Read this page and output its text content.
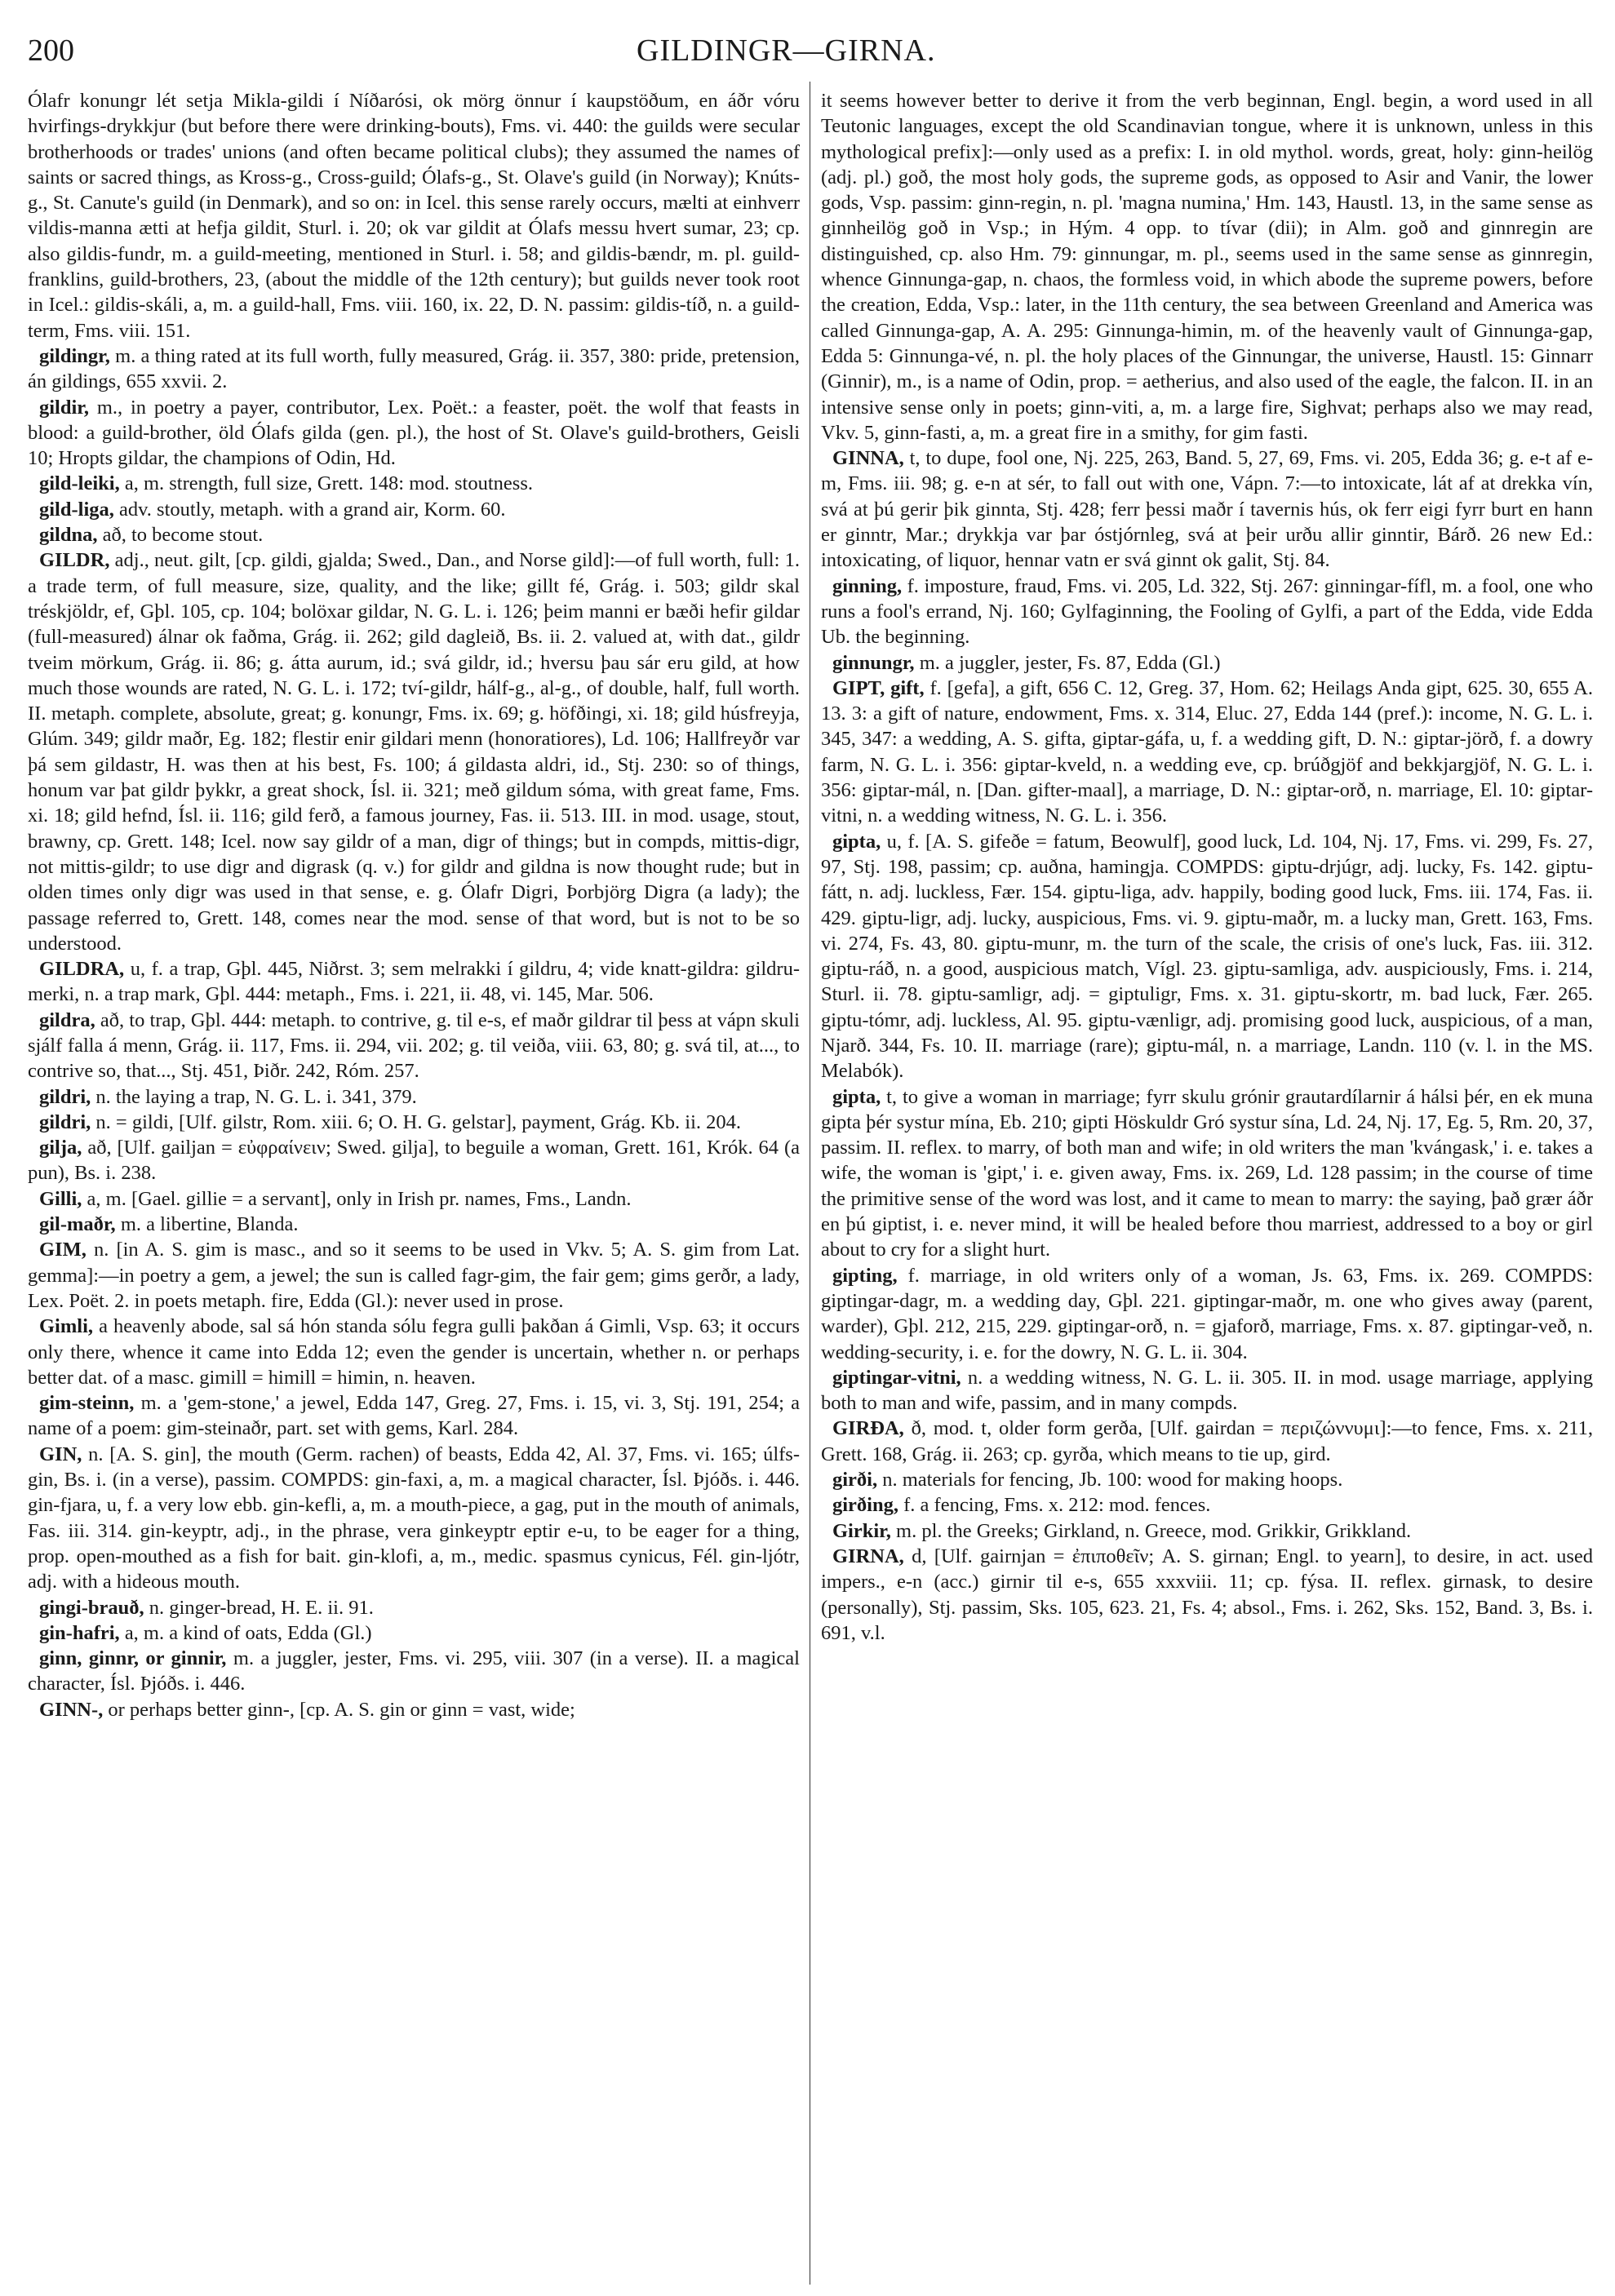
200	GILDINGR—GIRNA.

Ólafr konungr lét setja Mikla-gildi í Níðarósi, ok mörg önnur í kaupstöðum, en áðr vóru hvirfings-drykkjur (but before there were drinking-bouts), Fms. vi. 440: the guilds were secular brotherhoods or trades' unions (and often became political clubs); they assumed the names of saints or sacred things, as Kross-g., Cross-guild; Ólafs-g., St. Olave's guild (in Norway); Knúts-g., St. Canute's guild (in Denmark), and so on: in Icel. this sense rarely occurs, mælti at einhverr vildis-manna ætti at hefja gildit, Sturl. i. 20; ok var gildit at Ólafs messu hvert sumar, 23; cp. also gildis-fundr, m. a guild-meeting, mentioned in Sturl. i. 58; and gildis-bændr, m. pl. guild-franklins, guild-brothers, 23, (about the middle of the 12th century); but guilds never took root in Icel.: gildis-skáli, a, m. a guild-hall, Fms. viii. 160, ix. 22, D. N. passim: gildis-tíð, n. a guild-term, Fms. viii. 151.

gildingr, m. a thing rated at its full worth, fully measured, Grág. ii. 357, 380: pride, pretension, án gildings, 655 xxvii. 2.

gildir, m., in poetry a payer, contributor, Lex. Poët.: a feaster, poët. the wolf that feasts in blood: a guild-brother, öld Ólafs gilda (gen. pl.), the host of St. Olave's guild-brothers, Geisli 10; Hropts gildar, the champions of Odin, Hd.

gild-leiki, a, m. strength, full size, Grett. 148: mod. stoutness.

gild-liga, adv. stoutly, metaph. with a grand air, Korm. 60.

gildna, að, to become stout.

GILDR, adj., neut. gilt, [cp. gildi, gjalda; Swed., Dan., and Norse gild]:—of full worth, full: 1. a trade term, of full measure, size, quality, and the like; gillt fé, Grág. i. 503; gildr skal tréskjöldr, ef, Gþl. 105, cp. 104; bolöxar gildar, N. G. L. i. 126; þeim manni er bæði hefir gildar (full-measured) álnar ok faðma, Grág. ii. 262; gild dagleið, Bs. ii. 2. valued at, with dat., gildr tveim mörkum, Grág. ii. 86; g. átta aurum, id.; svá gildr, id.; hversu þau sár eru gild, at how much those wounds are rated, N. G. L. i. 172; tví-gildr, hálf-g., al-g., of double, half, full worth. II. metaph. complete, absolute, great; g. konungr, Fms. ix. 69; g. höfðingi, xi. 18; gild húsfreyja, Glúm. 349; gildr maðr, Eg. 182; flestir enir gildari menn (honoratiores), Ld. 106; Hallfreyðr var þá sem gildastr, H. was then at his best, Fs. 100; á gildasta aldri, id., Stj. 230: so of things, honum var þat gildr þykkr, a great shock, Ísl. ii. 321; með gildum sóma, with great fame, Fms. xi. 18; gild hefnd, Ísl. ii. 116; gild ferð, a famous journey, Fas. ii. 513. III. in mod. usage, stout, brawny, cp. Grett. 148; Icel. now say gildr of a man, digr of things; but in compds, mittis-digr, not mittis-gildr; to use digr and digrask (q. v.) for gildr and gildna is now thought rude; but in olden times only digr was used in that sense, e. g. Ólafr Digri, Þorbjörg Digra (a lady); the passage referred to, Grett. 148, comes near the mod. sense of that word, but is not to be so understood.

GILDRA, u, f. a trap, Gþl. 445, Niðrst. 3; sem melrakki í gildru, 4; vide knatt-gildra: gildru-merki, n. a trap mark, Gþl. 444: metaph., Fms. i. 221, ii. 48, vi. 145, Mar. 506.

gildra, að, to trap, Gþl. 444: metaph. to contrive, g. til e-s, ef maðr gildrar til þess at vápn skuli sjálf falla á menn, Grág. ii. 117, Fms. ii. 294, vii. 202; g. til veiða, viii. 63, 80; g. svá til, at..., to contrive so, that..., Stj. 451, Þiðr. 242, Róm. 257.

gildri, n. the laying a trap, N. G. L. i. 341, 379.

gildri, n. = gildi, [Ulf. gilstr, Rom. xiii. 6; O. H. G. gelstar], payment, Grág. Kb. ii. 204.

gilja, að, [Ulf. gailjan = εὐφραίνειν; Swed. gilja], to beguile a woman, Grett. 161, Krók. 64 (a pun), Bs. i. 238.

Gilli, a, m. [Gael. gillie = a servant], only in Irish pr. names, Fms., Landn.

gil-maðr, m. a libertine, Blanda.

GIM, n. [in A. S. gim is masc., and so it seems to be used in Vkv. 5; A. S. gim from Lat. gemma]:—in poetry a gem, a jewel; the sun is called fagr-gim, the fair gem; gims gerðr, a lady, Lex. Poët. 2. in poets metaph. fire, Edda (Gl.): never used in prose.

Gimli, a heavenly abode, sal sá hón standa sólu fegra gulli þakðan á Gimli, Vsp. 63; it occurs only there, whence it came into Edda 12; even the gender is uncertain, whether n. or perhaps better dat. of a masc. gimill = himill = himin, n. heaven.

gim-steinn, m. a 'gem-stone,' a jewel, Edda 147, Greg. 27, Fms. i. 15, vi. 3, Stj. 191, 254; a name of a poem: gim-steinaðr, part. set with gems, Karl. 284.

GIN, n. [A. S. gin], the mouth (Germ. rachen) of beasts, Edda 42, Al. 37, Fms. vi. 165; úlfs-gin, Bs. i. (in a verse), passim. COMPDS: gin-faxi, a, m. a magical character, Ísl. Þjóðs. i. 446. gin-fjara, u, f. a very low ebb. gin-kefli, a, m. a mouth-piece, a gag, put in the mouth of animals, Fas. iii. 314. gin-keyptr, adj., in the phrase, vera ginkeyptr eptir e-u, to be eager for a thing, prop. open-mouthed as a fish for bait. gin-klofi, a, m., medic. spasmus cynicus, Fél. gin-ljótr, adj. with a hideous mouth.

gingi-brauð, n. ginger-bread, H. E. ii. 91.

gin-hafri, a, m. a kind of oats, Edda (Gl.)

ginn, ginnr, or ginnir, m. a juggler, jester, Fms. vi. 295, viii. 307 (in a verse). II. a magical character, Ísl. Þjóðs. i. 446.

GINN-, or perhaps better ginn-, [cp. A. S. gin or ginn = vast, wide;

it seems however better to derive it from the verb beginnan, Engl. begin, a word used in all Teutonic languages, except the old Scandinavian tongue, where it is unknown, unless in this mythological prefix]:—only used as a prefix: I. in old mythol. words, great, holy: ginn-heilög (adj. pl.) goð, the most holy gods, the supreme gods, as opposed to Asir and Vanir, the lower gods, Vsp. passim: ginn-regin, n. pl. 'magna numina,' Hm. 143, Haustl. 13, in the same sense as ginnheilög goð in Vsp.; in Hým. 4 opp. to tívar (dii); in Alm. goð and ginnregin are distinguished, cp. also Hm. 79: ginnungar, m. pl., seems used in the same sense as ginnregin, whence Ginnunga-gap, n. chaos, the formless void, in which abode the supreme powers, before the creation, Edda, Vsp.: later, in the 11th century, the sea between Greenland and America was called Ginnunga-gap, A. A. 295: Ginnunga-himin, m. of the heavenly vault of Ginnunga-gap, Edda 5: Ginnunga-vé, n. pl. the holy places of the Ginnungar, the universe, Haustl. 15: Ginnarr (Ginnir), m., is a name of Odin, prop. = aetherius, and also used of the eagle, the falcon. II. in an intensive sense only in poets; ginn-viti, a, m. a large fire, Sighvat; perhaps also we may read, Vkv. 5, ginn-fasti, a, m. a great fire in a smithy, for gim fasti.

GINNA, t, to dupe, fool one, Nj. 225, 263, Band. 5, 27, 69, Fms. vi. 205, Edda 36; g. e-t af e-m, Fms. iii. 98; g. e-n at sér, to fall out with one, Vápn. 7:—to intoxicate, lát af at drekka vín, svá at þú gerir þik ginnta, Stj. 428; ferr þessi maðr í tavernis hús, ok ferr eigi fyrr burt en hann er ginntr, Mar.; drykkja var þar óstjórnleg, svá at þeir urðu allir ginntir, Bárð. 26 new Ed.: intoxicating, of liquor, hennar vatn er svá ginnt ok galit, Stj. 84.

ginning, f. imposture, fraud, Fms. vi. 205, Ld. 322, Stj. 267: ginningar-fífl, m. a fool, one who runs a fool's errand, Nj. 160; Gylfaginning, the Fooling of Gylfi, a part of the Edda, vide Edda Ub. the beginning.

ginnungr, m. a juggler, jester, Fs. 87, Edda (Gl.)

GIPT, gift, f. [gefa], a gift, 656 C. 12, Greg. 37, Hom. 62; Heilags Anda gipt, 625. 30, 655 A. 13. 3: a gift of nature, endowment, Fms. x. 314, Eluc. 27, Edda 144 (pref.): income, N. G. L. i. 345, 347: a wedding, A. S. gifta, giptar-gáfa, u, f. a wedding gift, D. N.: giptar-jörð, f. a dowry farm, N. G. L. i. 356: giptar-kveld, n. a wedding eve, cp. brúðgjöf and bekkjargjöf, N. G. L. i. 356: giptar-mál, n. [Dan. gifter-maal], a marriage, D. N.: giptar-orð, n. marriage, El. 10: giptar-vitni, n. a wedding witness, N. G. L. i. 356.

gipta, u, f. [A. S. gifeðe = fatum, Beowulf], good luck, Ld. 104, Nj. 17, Fms. vi. 299, Fs. 27, 97, Stj. 198, passim; cp. auðna, hamingja. COMPDS: giptu-drjúgr, adj. lucky, Fs. 142. giptu-fátt, n. adj. luckless, Fær. 154. giptu-liga, adv. happily, boding good luck, Fms. iii. 174, Fas. ii. 429. giptu-ligr, adj. lucky, auspicious, Fms. vi. 9. giptu-maðr, m. a lucky man, Grett. 163, Fms. vi. 274, Fs. 43, 80. giptu-munr, m. the turn of the scale, the crisis of one's luck, Fas. iii. 312. giptu-ráð, n. a good, auspicious match, Vígl. 23. giptu-samliga, adv. auspiciously, Fms. i. 214, Sturl. ii. 78. giptu-samligr, adj. = giptuligr, Fms. x. 31. giptu-skortr, m. bad luck, Fær. 265. giptu-tómr, adj. luckless, Al. 95. giptu-vænligr, adj. promising good luck, auspicious, of a man, Njarð. 344, Fs. 10. II. marriage (rare); giptu-mál, n. a marriage, Landn. 110 (v. l. in the MS. Melabók).

gipta, t, to give a woman in marriage; fyrr skulu grónir grautardílarnir á hálsi þér, en ek muna gipta þér systur mína, Eb. 210; gipti Höskuldr Gró systur sína, Ld. 24, Nj. 17, Eg. 5, Rm. 20, 37, passim. II. reflex. to marry, of both man and wife; in old writers the man 'kvángask,' i. e. takes a wife, the woman is 'gipt,' i. e. given away, Fms. ix. 269, Ld. 128 passim; in the course of time the primitive sense of the word was lost, and it came to mean to marry: the saying, það grær áðr en þú giptist, i. e. never mind, it will be healed before thou marriest, addressed to a boy or girl about to cry for a slight hurt.

gipting, f. marriage, in old writers only of a woman, Js. 63, Fms. ix. 269. COMPDS: giptingar-dagr, m. a wedding day, Gþl. 221. giptingar-maðr, m. one who gives away (parent, warder), Gþl. 212, 215, 229. giptingar-orð, n. = gjaforð, marriage, Fms. x. 87. giptingar-veð, n. wedding-security, i. e. for the dowry, N. G. L. ii. 304.

giptingar-vitni, n. a wedding witness, N. G. L. ii. 305. II. in mod. usage marriage, applying both to man and wife, passim, and in many compds.

GIRÐA, ð, mod. t, older form gerða, [Ulf. gairdan = περιζώννυμι]:—to fence, Fms. x. 211, Grett. 168, Grág. ii. 263; cp. gyrða, which means to tie up, gird.

girði, n. materials for fencing, Jb. 100: wood for making hoops.

girðing, f. a fencing, Fms. x. 212: mod. fences.

Girkir, m. pl. the Greeks; Girkland, n. Greece, mod. Grikkir, Grikkland.

GIRNA, d, [Ulf. gairnjan = ἐπιποθεῖν; A. S. girnan; Engl. to yearn], to desire, in act. used impers., e-n (acc.) girnir til e-s, 655 xxxviii. 11; cp. fýsa. II. reflex. girnask, to desire (personally), Stj. passim, Sks. 105, 623. 21, Fs. 4; absol., Fms. i. 262, Sks. 152, Band. 3, Bs. i. 691, v.l.
